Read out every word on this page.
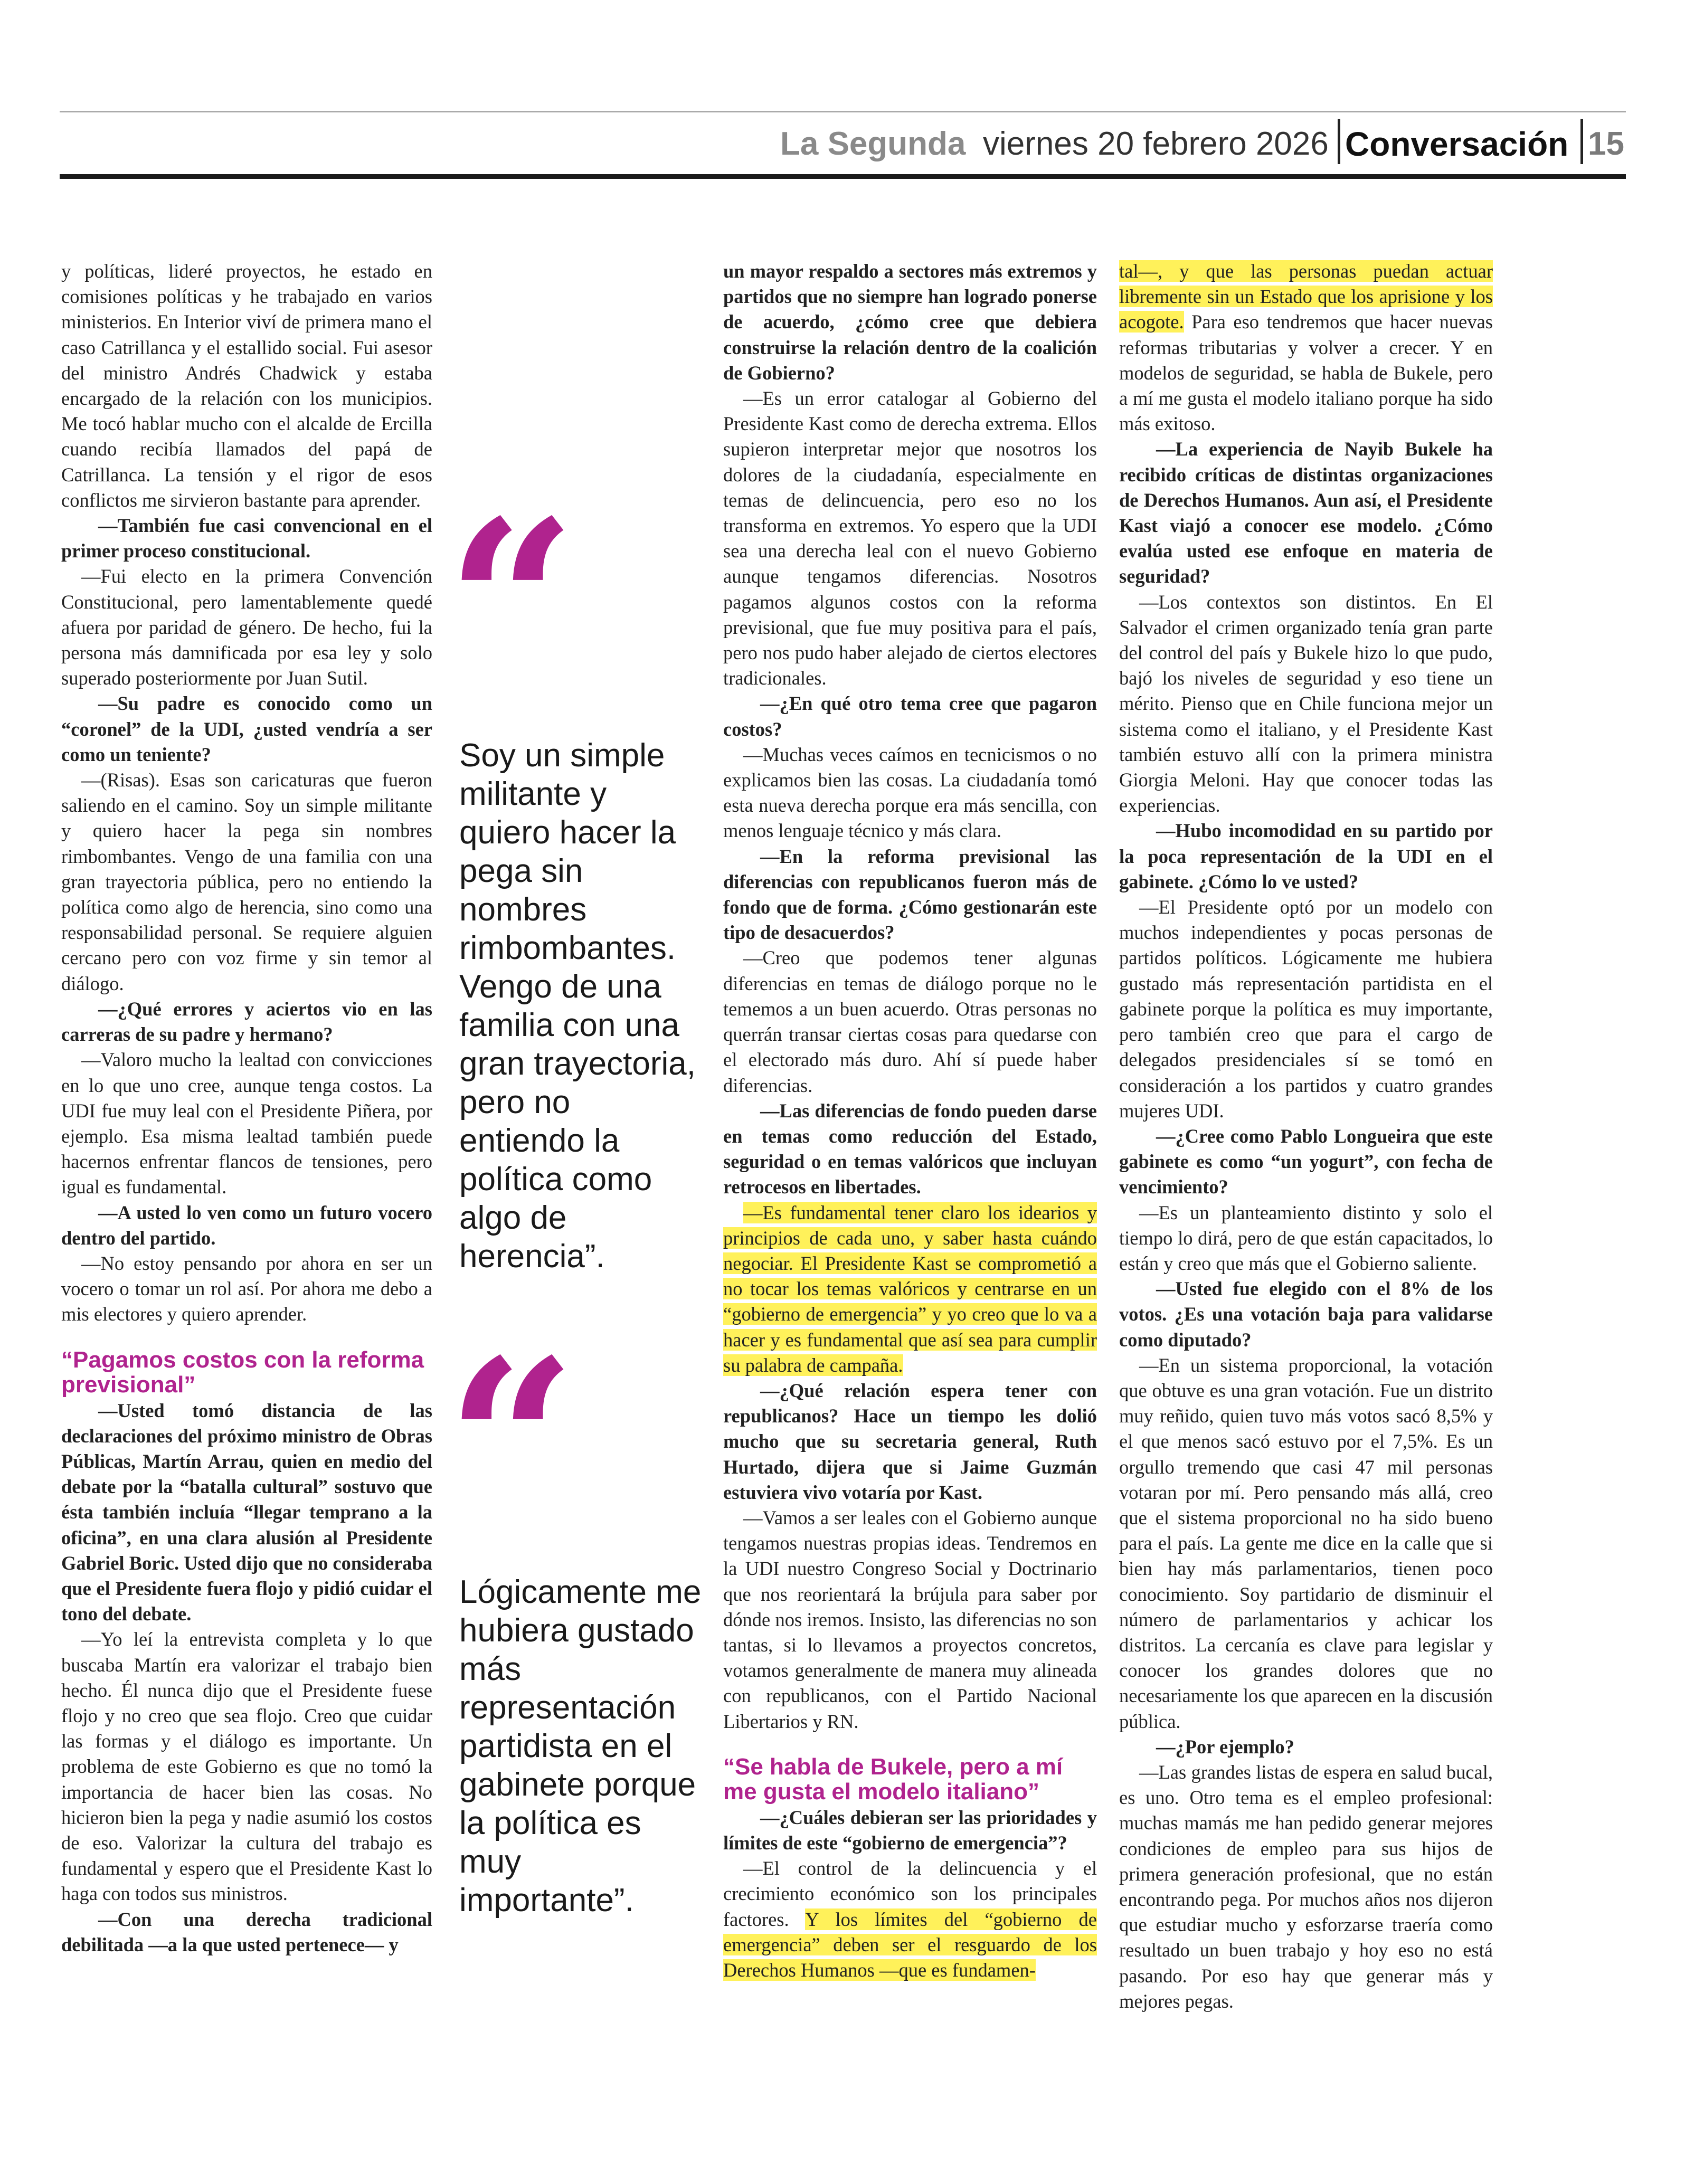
La Segunda viernes 20 febrero 2026 Conversación 15

y políticas, lideré proyectos, he estado en comisiones políticas y he trabajado en varios ministerios. En Interior viví de primera mano el caso Catrillanca y el estallido social. Fui asesor del ministro Andrés Chadwick y estaba encargado de la relación con los municipios. Me tocó hablar mucho con el alcalde de Ercilla cuando recibía llamados del papá de Catrillanca. La tensión y el rigor de esos conflictos me sirvieron bastante para aprender.

—También fue casi convencional en el primer proceso constitucional.

—Fui electo en la primera Convención Constitucional, pero lamentablemente quedé afuera por paridad de género. De hecho, fui la persona más damnificada por esa ley y solo superado posteriormente por Juan Sutil.

—Su padre es conocido como un “coronel” de la UDI, ¿usted vendría a ser como un teniente?

—(Risas). Esas son caricaturas que fueron saliendo en el camino. Soy un simple militante y quiero hacer la pega sin nombres rimbombantes. Vengo de una familia con una gran trayectoria pública, pero no entiendo la política como algo de herencia, sino como una responsabilidad personal. Se requiere alguien cercano pero con voz firme y sin temor al diálogo.

—¿Qué errores y aciertos vio en las carreras de su padre y hermano?

—Valoro mucho la lealtad con convicciones en lo que uno cree, aunque tenga costos. La UDI fue muy leal con el Presidente Piñera, por ejemplo. Esa misma lealtad también puede hacernos enfrentar flancos de tensiones, pero igual es fundamental.

—A usted lo ven como un futuro vocero dentro del partido.

—No estoy pensando por ahora en ser un vocero o tomar un rol así. Por ahora me debo a mis electores y quiero aprender.

“Pagamos costos con la reforma previsional”

—Usted tomó distancia de las declaraciones del próximo ministro de Obras Públicas, Martín Arrau, quien en medio del debate por la “batalla cultural” sostuvo que ésta también incluía “llegar temprano a la oficina”, en una clara alusión al Presidente Gabriel Boric. Usted dijo que no consideraba que el Presidente fuera flojo y pidió cuidar el tono del debate.

—Yo leí la entrevista completa y lo que buscaba Martín era valorizar el trabajo bien hecho. Él nunca dijo que el Presidente fuese flojo y no creo que sea flojo. Creo que cuidar las formas y el diálogo es importante. Un problema de este Gobierno es que no tomó la importancia de hacer bien las cosas. No hicieron bien la pega y nadie asumió los costos de eso. Valorizar la cultura del trabajo es fundamental y espero que el Presidente Kast lo haga con todos sus ministros.

—Con una derecha tradicional debilitada —a la que usted pertenece— y

“
Soy un simple militante y quiero hacer la pega sin nombres rimbombantes. Vengo de una familia con una gran trayectoria, pero no entiendo la política como algo de herencia”.
“
Lógicamente me hubiera gustado más representación partidista en el gabinete porque la política es muy importante”.

un mayor respaldo a sectores más extremos y partidos que no siempre han logrado ponerse de acuerdo, ¿cómo cree que debiera construirse la relación dentro de la coalición de Gobierno?

—Es un error catalogar al Gobierno del Presidente Kast como de derecha extrema. Ellos supieron interpretar mejor que nosotros los dolores de la ciudadanía, especialmente en temas de delincuencia, pero eso no los transforma en extremos. Yo espero que la UDI sea una derecha leal con el nuevo Gobierno aunque tengamos diferencias. Nosotros pagamos algunos costos con la reforma previsional, que fue muy positiva para el país, pero nos pudo haber alejado de ciertos electores tradicionales.

—¿En qué otro tema cree que pagaron costos?

—Muchas veces caímos en tecnicismos o no explicamos bien las cosas. La ciudadanía tomó esta nueva derecha porque era más sencilla, con menos lenguaje técnico y más clara.

—En la reforma previsional las diferencias con republicanos fueron más de fondo que de forma. ¿Cómo gestionarán este tipo de desacuerdos?

—Creo que podemos tener algunas diferencias en temas de diálogo porque no le tememos a un buen acuerdo. Otras personas no querrán transar ciertas cosas para quedarse con el electorado más duro. Ahí sí puede haber diferencias.

—Las diferencias de fondo pueden darse en temas como reducción del Estado, seguridad o en temas valóricos que incluyan retrocesos en libertades.

—Es fundamental tener claro los idearios y principios de cada uno, y saber hasta cuándo negociar. El Presidente Kast se comprometió a no tocar los temas valóricos y centrarse en un “gobierno de emergencia” y yo creo que lo va a hacer y es fundamental que así sea para cumplir su palabra de campaña.

—¿Qué relación espera tener con republicanos? Hace un tiempo les dolió mucho que su secretaria general, Ruth Hurtado, dijera que si Jaime Guzmán estuviera vivo votaría por Kast.

—Vamos a ser leales con el Gobierno aunque tengamos nuestras propias ideas. Tendremos en la UDI nuestro Congreso Social y Doctrinario que nos reorientará la brújula para saber por dónde nos iremos. Insisto, las diferencias no son tantas, si lo llevamos a proyectos concretos, votamos generalmente de manera muy alineada con republicanos, con el Partido Nacional Libertarios y RN.

“Se habla de Bukele, pero a mí me gusta el modelo italiano”

—¿Cuáles debieran ser las prioridades y límites de este “gobierno de emergencia”?

—El control de la delincuencia y el crecimiento económico son los principales factores. Y los límites del “gobierno de emergencia” deben ser el resguardo de los Derechos Humanos —que es fundamen-

tal—, y que las personas puedan actuar libremente sin un Estado que los aprisione y los acogote. Para eso tendremos que hacer nuevas reformas tributarias y volver a crecer. Y en modelos de seguridad, se habla de Bukele, pero a mí me gusta el modelo italiano porque ha sido más exitoso.

—La experiencia de Nayib Bukele ha recibido críticas de distintas organizaciones de Derechos Humanos. Aun así, el Presidente Kast viajó a conocer ese modelo. ¿Cómo evalúa usted ese enfoque en materia de seguridad?

—Los contextos son distintos. En El Salvador el crimen organizado tenía gran parte del control del país y Bukele hizo lo que pudo, bajó los niveles de seguridad y eso tiene un mérito. Pienso que en Chile funciona mejor un sistema como el italiano, y el Presidente Kast también estuvo allí con la primera ministra Giorgia Meloni. Hay que conocer todas las experiencias.

—Hubo incomodidad en su partido por la poca representación de la UDI en el gabinete. ¿Cómo lo ve usted?

—El Presidente optó por un modelo con muchos independientes y pocas personas de partidos políticos. Lógicamente me hubiera gustado más representación partidista en el gabinete porque la política es muy importante, pero también creo que para el cargo de delegados presidenciales sí se tomó en consideración a los partidos y cuatro grandes mujeres UDI.

—¿Cree como Pablo Longueira que este gabinete es como “un yogurt”, con fecha de vencimiento?

—Es un planteamiento distinto y solo el tiempo lo dirá, pero de que están capacitados, lo están y creo que más que el Gobierno saliente.

—Usted fue elegido con el 8% de los votos. ¿Es una votación baja para validarse como diputado?

—En un sistema proporcional, la votación que obtuve es una gran votación. Fue un distrito muy reñido, quien tuvo más votos sacó 8,5% y el que menos sacó estuvo por el 7,5%. Es un orgullo tremendo que casi 47 mil personas votaran por mí. Pero pensando más allá, creo que el sistema proporcional no ha sido bueno para el país. La gente me dice en la calle que si bien hay más parlamentarios, tienen poco conocimiento. Soy partidario de disminuir el número de parlamentarios y achicar los distritos. La cercanía es clave para legislar y conocer los grandes dolores que no necesariamente los que aparecen en la discusión pública.

—¿Por ejemplo?

—Las grandes listas de espera en salud bucal, es uno. Otro tema es el empleo profesional: muchas mamás me han pedido generar mejores condiciones de empleo para sus hijos de primera generación profesional, que no están encontrando pega. Por muchos años nos dijeron que estudiar mucho y esforzarse traería como resultado un buen trabajo y hoy eso no está pasando. Por eso hay que generar más y mejores pegas.
